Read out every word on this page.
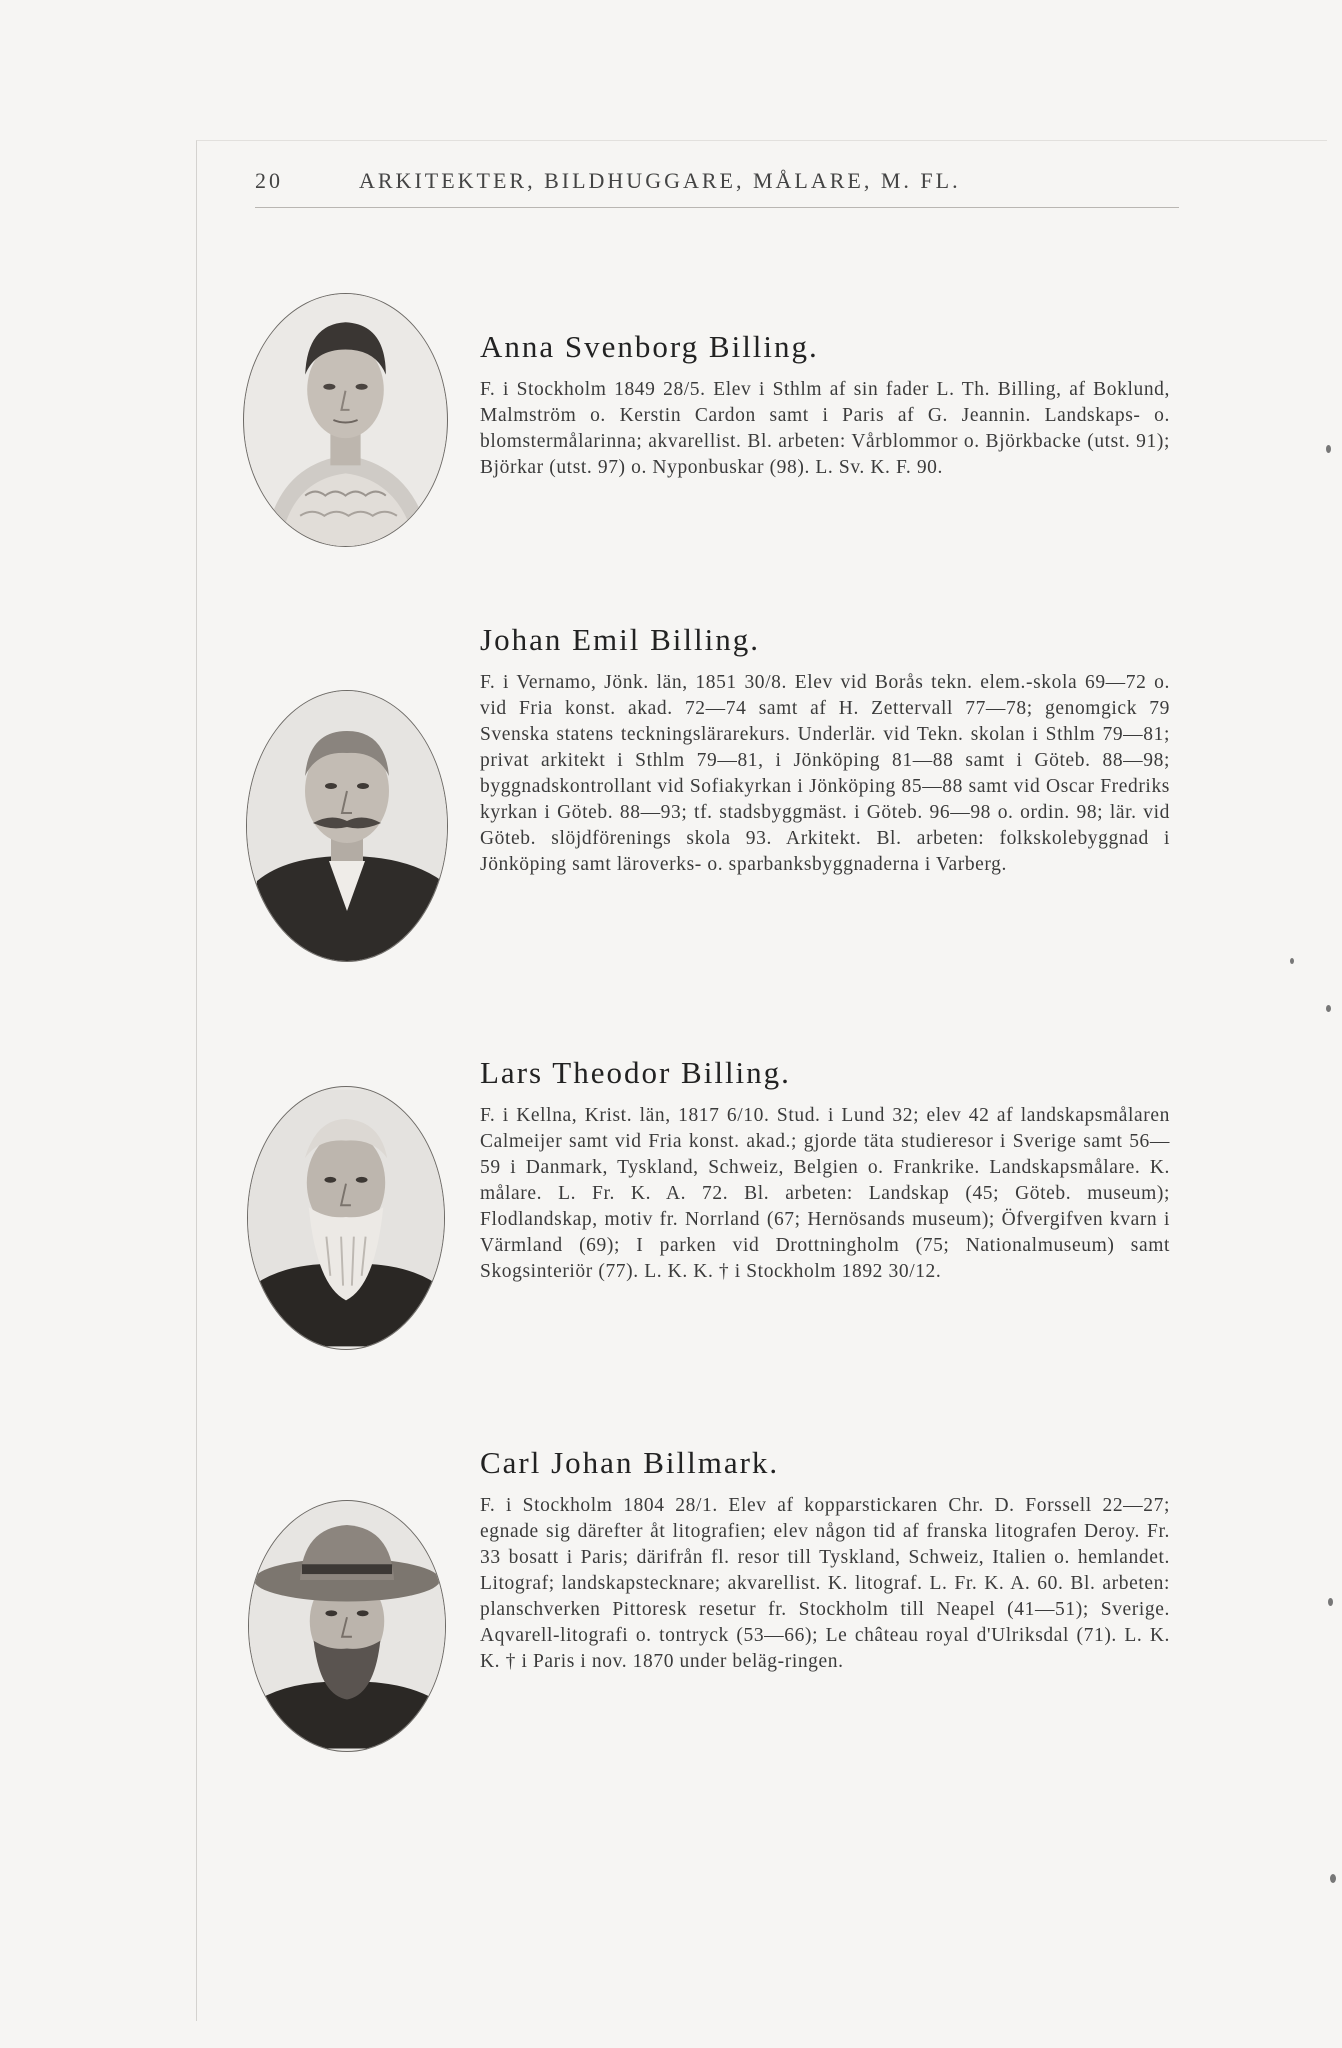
20	ARKITEKTER, BILDHUGGARE, MÅLARE, M. FL.
Anna Svenborg Billing.

F. i Stockholm 1849 28/5. Elev i Sthlm af sin fader L. Th. Billing, af Boklund, Malmström o. Kerstin Cardon samt i Paris af G. Jeannin. Landskaps- o. blomstermålarinna; akvarellist. Bl. arbeten: Vårblommor o. Björkbacke (utst. 91); Björkar (utst. 97) o. Nyponbuskar (98). L. Sv. K. F. 90.

Johan Emil Billing.

F. i Vernamo, Jönk. län, 1851 30/8. Elev vid Borås tekn. elem.-skola 69—72 o. vid Fria konst. akad. 72—74 samt af H. Zettervall 77—78; genomgick 79 Svenska statens teckningslärarekurs. Underlär. vid Tekn. skolan i Sthlm 79—81; privat arkitekt i Sthlm 79—81, i Jönköping 81—88 samt i Göteb. 88—98; byggnadskontrollant vid Sofiakyrkan i Jönköping 85—88 samt vid Oscar Fredriks kyrkan i Göteb. 88—93; tf. stadsbyggmäst. i Göteb. 96—98 o. ordin. 98; lär. vid Göteb. slöjdförenings skola 93. Arkitekt. Bl. arbeten: folkskolebyggnad i Jönköping samt läroverks- o. sparbanksbyggnaderna i Varberg.

Lars Theodor Billing.

F. i Kellna, Krist. län, 1817 6/10. Stud. i Lund 32; elev 42 af landskapsmålaren Calmeijer samt vid Fria konst. akad.; gjorde täta studieresor i Sverige samt 56—59 i Danmark, Tyskland, Schweiz, Belgien o. Frankrike. Landskapsmålare. K. målare. L. Fr. K. A. 72. Bl. arbeten: Landskap (45; Göteb. museum); Flodlandskap, motiv fr. Norrland (67; Hernösands museum); Öfvergifven kvarn i Värmland (69); I parken vid Drottningholm (75; Nationalmuseum) samt Skogsinteriör (77). L. K. K. † i Stockholm 1892 30/12.

Carl Johan Billmark.

F. i Stockholm 1804 28/1. Elev af kopparstickaren Chr. D. Forssell 22—27; egnade sig därefter åt litografien; elev någon tid af franska litografen Deroy. Fr. 33 bosatt i Paris; därifrån fl. resor till Tyskland, Schweiz, Italien o. hemlandet. Litograf; landskapstecknare; akvarellist. K. litograf. L. Fr. K. A. 60. Bl. arbeten: planschverken Pittoresk resetur fr. Stockholm till Neapel (41—51); Sverige. Aqvarell-litografi o. tontryck (53—66); Le château royal d'Ulriksdal (71). L. K. K. † i Paris i nov. 1870 under beläg-ringen.
